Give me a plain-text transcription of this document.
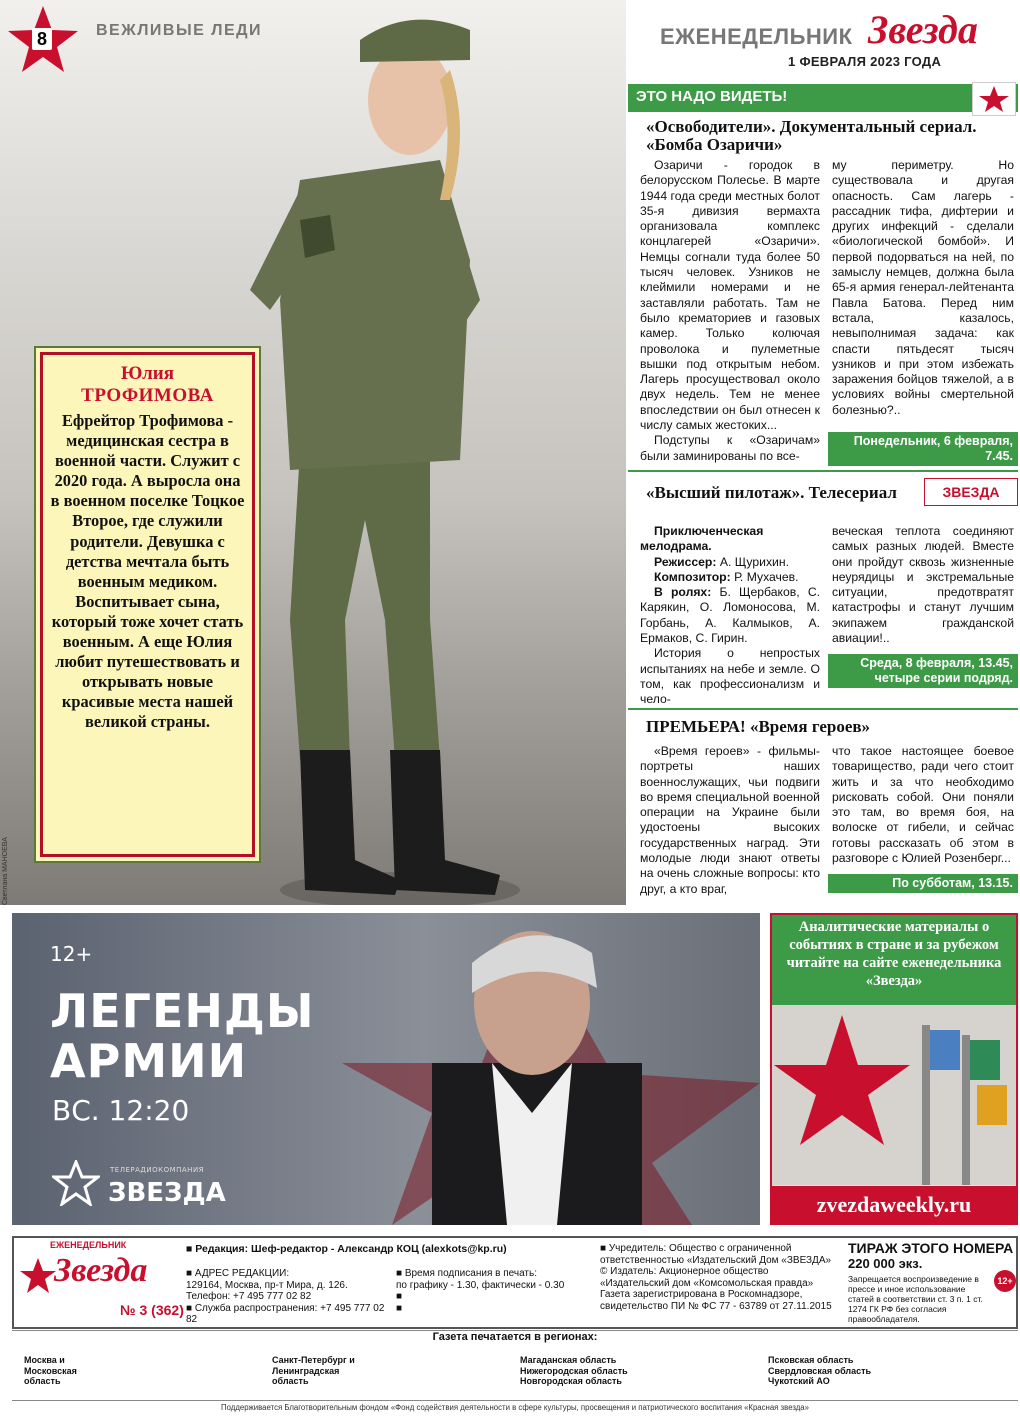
Светлана МАНОЕВА
8	ВЕЖЛИВЫЕ ЛЕДИ	ЕЖЕНЕДЕЛЬНИК Звезда
1 ФЕВРАЛЯ 2023 ГОДА
Юлия
ТРОФИМОВА
Ефрейтор Трофимова - медицинская сестра в военной части. Служит с 2020 года. А выросла она в военном поселке Тоцкое Второе, где служили родители. Девушка с детства мечтала быть военным медиком. Воспитывает сына, который тоже хочет стать военным. А еще Юлия любит путешествовать и открывать новые красивые места нашей великой страны.
ЭТО НАДО ВИДЕТЬ!
«Освободители». Документальный сериал. «Бомба Озаричи»

Озаричи - городок в белорусском Полесье. В марте 1944 года среди местных болот 35-я дивизия вермахта организовала комплекс концлагерей «Озаричи». Немцы согнали туда более 50 тысяч человек. Узников не клеймили номерами и не заставляли работать. Там не было крематориев и газовых камер. Только колючая проволока и пулеметные вышки под открытым небом. Лагерь просуществовал около двух недель. Тем не менее впоследствии он был отнесен к числу самых жестоких...

Подступы к «Озаричам» были заминированы по все-

му периметру. Но существовала и другая опасность. Сам лагерь - рассадник тифа, дифтерии и других инфекций - сделали «биологической бомбой». И первой подорваться на ней, по замыслу немцев, должна была 65-я армия генерал-лейтенанта Павла Батова. Перед ним встала, казалось, невыполнимая задача: как спасти пятьдесят тысяч узников и при этом избежать заражения бойцов тяжелой, а в условиях войны смертельной болезнью?..

Понедельник, 6 февраля, 7.45.
«Высший пилотаж». Телесериал	ЗВЕЗДА

Приключенческая мелодрама.

Режиссер: А. Щурихин.

Композитор: Р. Мухачев.

В ролях: Б. Щербаков, С. Карякин, О. Ломоносова, М. Горбань, А. Калмыков, А. Ермаков, С. Гирин.

История о непростых испытаниях на небе и земле. О том, как профессионализм и чело-

веческая теплота соединяют самых разных людей. Вместе они пройдут сквозь жизненные неурядицы и экстремальные ситуации, предотвратят катастрофы и станут лучшим экипажем гражданской авиации!..

Среда, 8 февраля, 13.45, четыре серии подряд.
ПРЕМЬЕРА! «Время героев»

«Время героев» - фильмы-портреты наших военнослужащих, чьи подвиги во время специальной военной операции на Украине были удостоены высоких государственных наград. Эти молодые люди знают ответы на очень сложные вопросы: кто друг, а кто враг,

что такое настоящее боевое товарищество, ради чего стоит жить и за что необходимо рисковать собой. Они поняли это там, во время боя, на волоске от гибели, и сейчас готовы рассказать об этом в разговоре с Юлией Розенберг...

По субботам, 13.15.
12+
ЛЕГЕНДЫ
АРМИИ
ВС. 12:20
ТЕЛЕРАДИОКОМПАНИЯ
ЗВЕЗДА
Аналитические материалы о событиях в стране и за рубежом читайте на сайте еженедельника «Звезда»
zvezdaweekly.ru
ЕЖЕНЕДЕЛЬНИК
Звезда
№ 3 (362)
■ Редакция: Шеф-редактор - Александр КОЦ (alexkots@kp.ru)
■ АДРЕС РЕДАКЦИИ:
129164, Москва, пр-т Мира, д. 126.
Телефон: +7 495 777 02 82
■ Служба распространения: +7 495 777 02 82
■ Время подписания в печать:
по графику - 1.30, фактически - 0.30
■
■
■ Учредитель: Общество с ограниченной ответственностью «Издательский Дом «ЗВЕЗДА»
© Издатель: Акционерное общество «Издательский дом «Комсомольская правда»
Газета зарегистрирована в Роскомнадзоре, свидетельство ПИ № ФС 77 - 63789 от 27.11.2015
ТИРАЖ ЭТОГО НОМЕРА
220 000 экз.
Запрещается воспроизведение в прессе и иное использование статей в соответствии ст. 3 п. 1 ст. 1274 ГК РФ без согласия правообладателя.
12+
Газета печатается в регионах:
Москва и Московская область
Санкт-Петербург и Ленинградская область
Магаданская область Нижегородская область Новгородская область
Псковская область Свердловская область Чукотский АО
Поддерживается Благотворительным фондом «Фонд содействия деятельности в сфере культуры, просвещения и патриотического воспитания «Красная звезда»
